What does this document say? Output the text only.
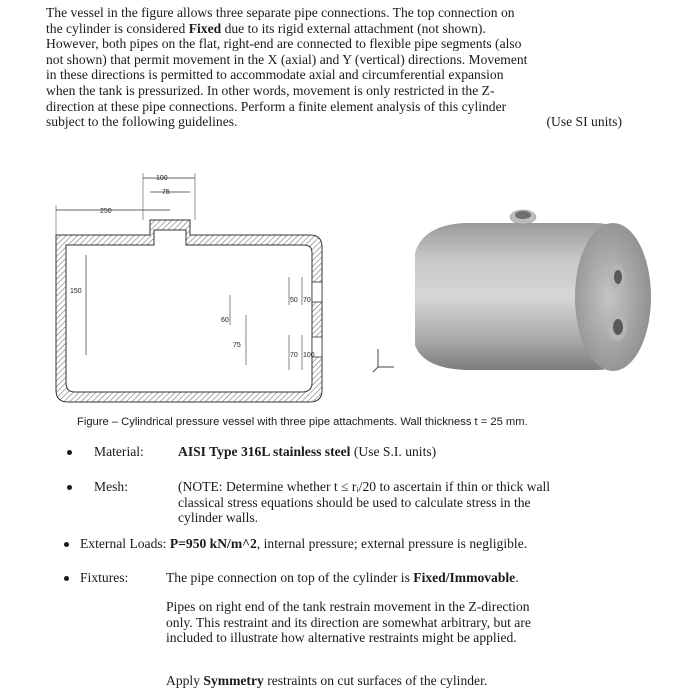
The vessel in the figure allows three separate pipe connections. The top connection on
the cylinder is considered Fixed due to its rigid external attachment (not shown).
However, both pipes on the flat, right-end are connected to flexible pipe segments (also
not shown) that permit movement in the X (axial) and Y (vertical) directions. Movement
in these directions is permitted to accommodate axial and circumferential expansion
when the tank is pressurized. In other words, movement is only restricted in the Z-
direction at these pipe connections. Perform a finite element analysis of this cylinder
subject to the following guidelines.	(Use SI units)
100
75
250
150
60
75
50 70
70 100
Figure – Cylindrical pressure vessel with three pipe attachments. Wall thickness t = 25 mm.
Material:	AISI Type 316L stainless steel (Use S.I. units)
Mesh:	(NOTE: Determine whether t ≤ rᵢ/20 to ascertain if thin or thick wall
classical stress equations should be used to calculate stress in the
cylinder walls.
External Loads: P=950 kN/m^2, internal pressure; external pressure is negligible.
Fixtures:	The pipe connection on top of the cylinder is Fixed/Immovable.
Pipes on right end of the tank restrain movement in the Z-direction
only. This restraint and its direction are somewhat arbitrary, but are
included to illustrate how alternative restraints might be applied.
Apply Symmetry restraints on cut surfaces of the cylinder.
